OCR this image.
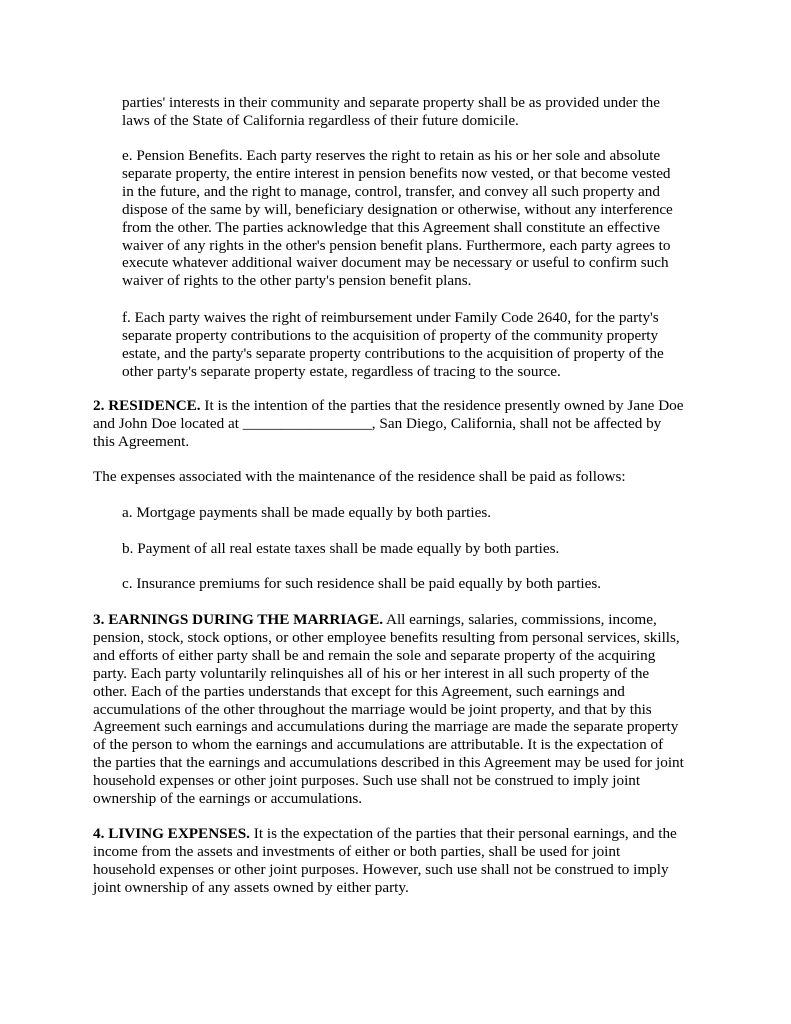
parties' interests in their community and separate property shall be as provided under the
laws of the State of California regardless of their future domicile.
e. Pension Benefits. Each party reserves the right to retain as his or her sole and absolute
separate property, the entire interest in pension benefits now vested, or that become vested
in the future, and the right to manage, control, transfer, and convey all such property and
dispose of the same by will, beneficiary designation or otherwise, without any interference
from the other. The parties acknowledge that this Agreement shall constitute an effective
waiver of any rights in the other's pension benefit plans. Furthermore, each party agrees to
execute whatever additional waiver document may be necessary or useful to confirm such
waiver of rights to the other party's pension benefit plans.
f. Each party waives the right of reimbursement under Family Code 2640, for the party's
separate property contributions to the acquisition of property of the community property
estate, and the party's separate property contributions to the acquisition of property of the
other party's separate property estate, regardless of tracing to the source.
2. RESIDENCE. It is the intention of the parties that the residence presently owned by Jane Doe
and John Doe located at _________________, San Diego, California, shall not be affected by
this Agreement.
The expenses associated with the maintenance of the residence shall be paid as follows:
a. Mortgage payments shall be made equally by both parties.
b. Payment of all real estate taxes shall be made equally by both parties.
c. Insurance premiums for such residence shall be paid equally by both parties.
3. EARNINGS DURING THE MARRIAGE. All earnings, salaries, commissions, income,
pension, stock, stock options, or other employee benefits resulting from personal services, skills,
and efforts of either party shall be and remain the sole and separate property of the acquiring
party. Each party voluntarily relinquishes all of his or her interest in all such property of the
other. Each of the parties understands that except for this Agreement, such earnings and
accumulations of the other throughout the marriage would be joint property, and that by this
Agreement such earnings and accumulations during the marriage are made the separate property
of the person to whom the earnings and accumulations are attributable. It is the expectation of
the parties that the earnings and accumulations described in this Agreement may be used for joint
household expenses or other joint purposes. Such use shall not be construed to imply joint
ownership of the earnings or accumulations.
4. LIVING EXPENSES. It is the expectation of the parties that their personal earnings, and the
income from the assets and investments of either or both parties, shall be used for joint
household expenses or other joint purposes. However, such use shall not be construed to imply
joint ownership of any assets owned by either party.
